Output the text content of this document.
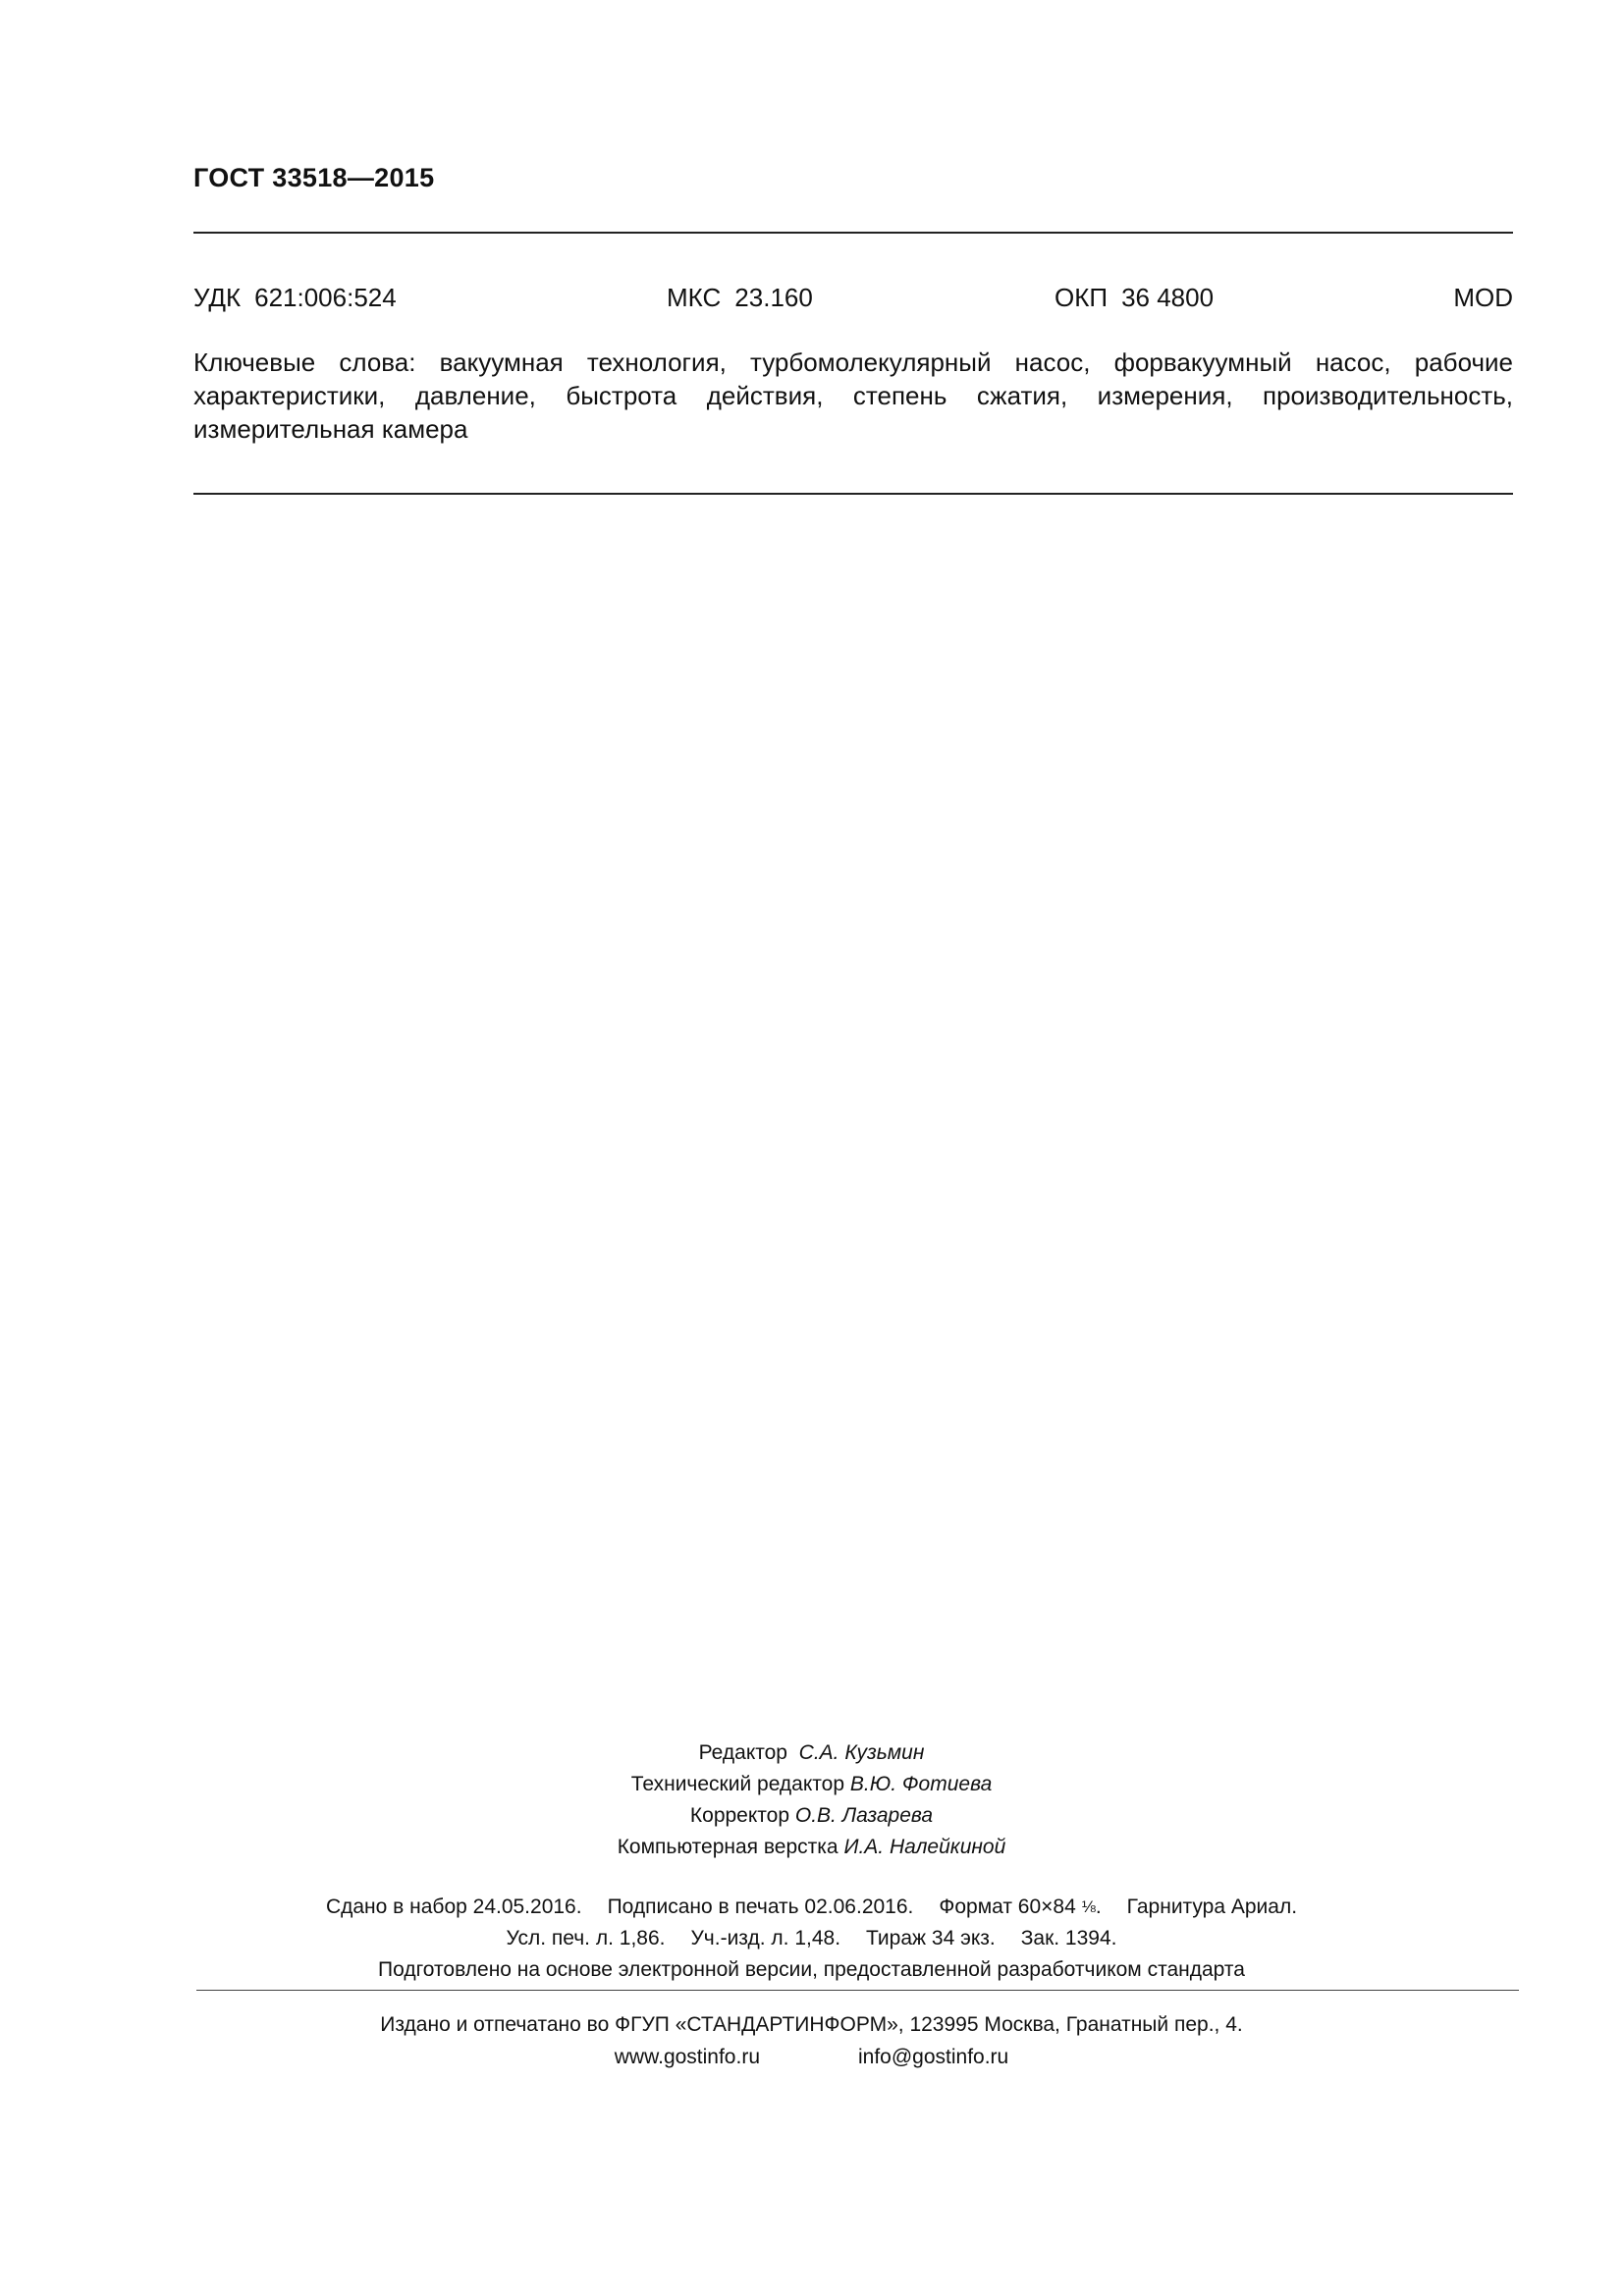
ГОСТ 33518—2015
УДК 621:006:524	МКС 23.160	ОКП 36 4800	MOD
Ключевые слова: вакуумная технология, турбомолекулярный насос, форвакуумный насос, рабочие характеристики, давление, быстрота действия, степень сжатия, измерения, производительность, измерительная камера
Редактор С.А. Кузьмин
Технический редактор В.Ю. Фотиева
Корректор О.В. Лазарева
Компьютерная верстка И.А. Налейкиной
Сдано в набор 24.05.2016. Подписано в печать 02.06.2016. Формат 60×84 ⅛. Гарнитура Ариал.
Усл. печ. л. 1,86. Уч.-изд. л. 1,48. Тираж 34 экз. Зак. 1394.
Подготовлено на основе электронной версии, предоставленной разработчиком стандарта
Издано и отпечатано во ФГУП «СТАНДАРТИНФОРМ», 123995 Москва, Гранатный пер., 4.
www.gostinfo.ru	info@gostinfo.ru
